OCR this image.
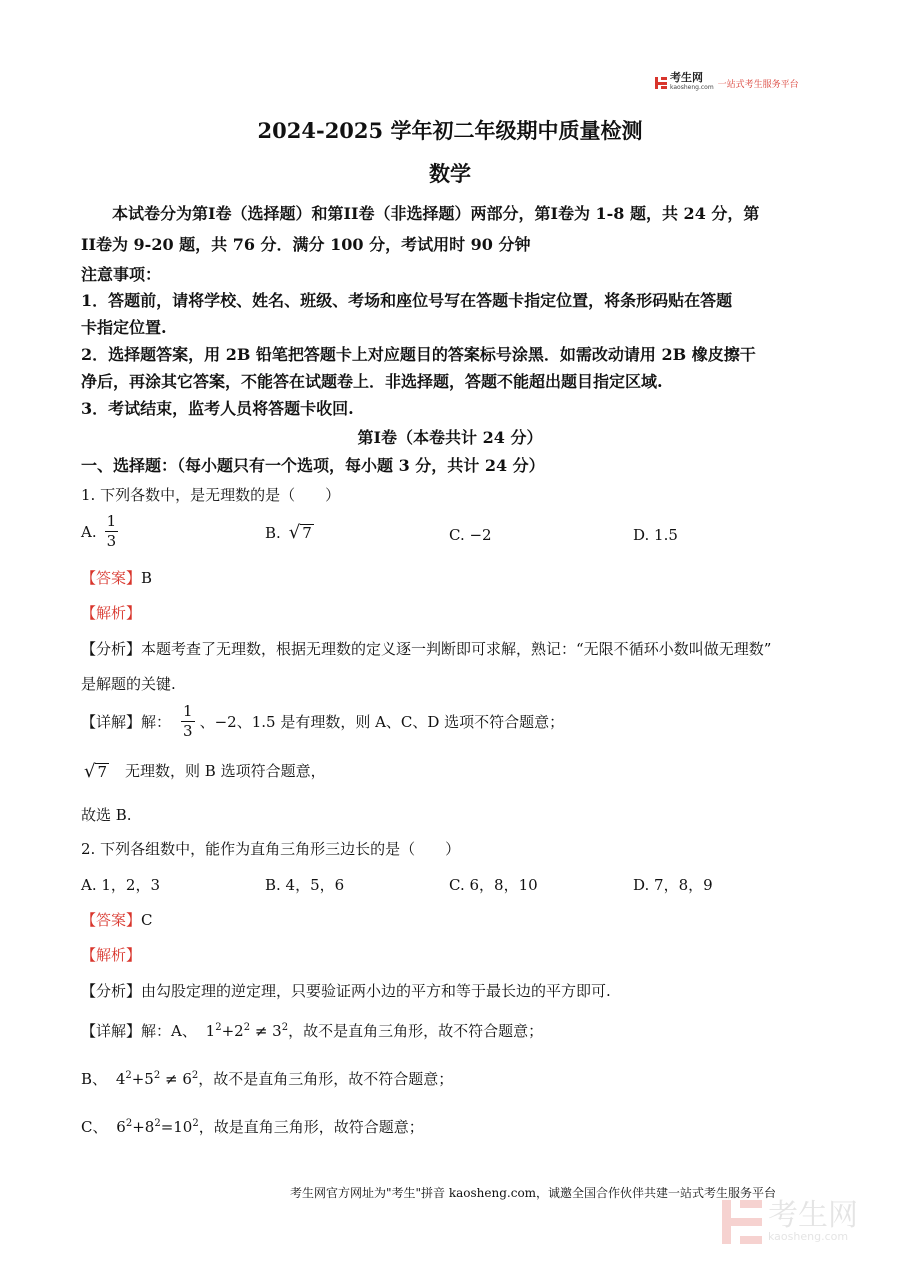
考生网
kaosheng.com 一站式考生服务平台
2024-2025 学年初二年级期中质量检测
数学
本试卷分为第I卷（选择题）和第II卷（非选择题）两部分，第I卷为 1-8 题，共 24 分，第
II卷为 9-20 题，共 76 分．满分 100 分，考试用时 90 分钟
注意事项：
1．答题前，请将学校、姓名、班级、考场和座位号写在答题卡指定位置，将条形码贴在答题
卡指定位置.
2．选择题答案，用 2B 铅笔把答题卡上对应题目的答案标号涂黑．如需改动请用 2B 橡皮擦干
净后，再涂其它答案，不能答在试题卷上．非选择题，答题不能超出题目指定区域.
3．考试结束，监考人员将答题卡收回.
第I卷（本卷共计 24 分）
一、选择题：（每小题只有一个选项，每小题 3 分，共计 24 分）
1. 下列各数中，是无理数的是（　　）
A. $\frac{1}{3}$	B. √ 7	C. −2	D. 1.5
【答案】B
【解析】
【分析】本题考查了无理数，根据无理数的定义逐一判断即可求解，熟记：“无限不循环小数叫做无理数”
是解题的关键.
【详解】 解： $\frac{1}{3}$ 、−2、1.5 是有理数，则 A、C、D 选项不符合题意；
√ 7 无理数，则 B 选项符合题意，
故选 B.
2. 下列各组数中，能作为直角三角形三边长的是（　　）
A. 1，2，3	B. 4，5，6	C. 6，8，10	D. 7，8，9
【答案】C
【解析】
【分析】由勾股定理的逆定理，只要验证两小边的平方和等于最长边的平方即可.
【详解】解：A、 $1^2+2^2 \ne 3^2$，故不是直角三角形，故不符合题意；
B、 $4^2+5^2 \ne 6^2$，故不是直角三角形，故不符合题意；
C、 $6^2+8^2=10^2$，故是直角三角形，故符合题意；
考生网官方网址为"考生"拼音 kaosheng.com，诚邀全国合作伙伴共建一站式考生服务平台
考生网
kaosheng.com
